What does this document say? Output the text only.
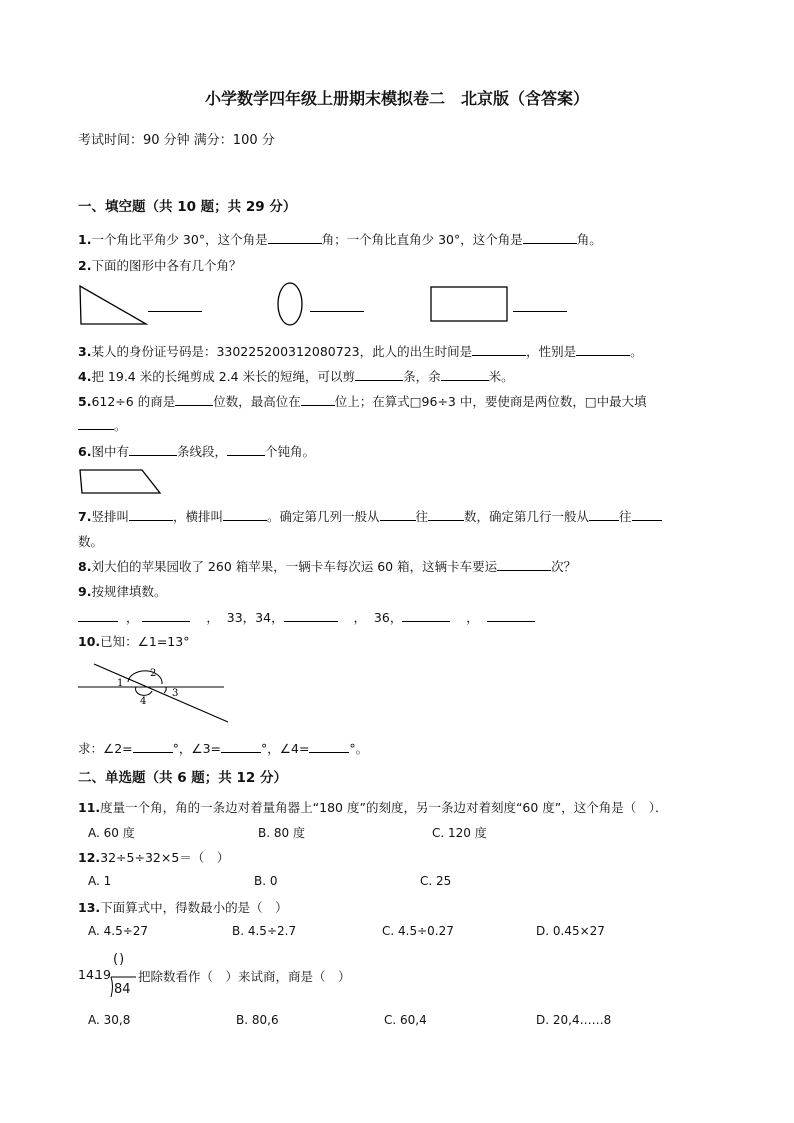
小学数学四年级上册期末模拟卷二　北京版（含答案）
考试时间：90 分钟 满分：100 分
一、填空题（共 10 题；共 29 分）
1.一个角比平角少 30°，这个角是	角；一个角比直角少 30°，这个角是	角。
2.下面的图形中各有几个角？
3.某人的身份证号码是：330225200312080723，此人的出生时间是	，性别是	。
4.把 19.4 米的长绳剪成 2.4 米长的短绳，可以剪	条，余	米。
5.612÷6 的商是	位数，最高位在	位上；在算式□96÷3 中，要使商是两位数，□中最大填
。
6.图中有	条线段，	个钝角。
7.竖排叫	，横排叫	。确定第几列一般从	往	数，确定第几行一般从 往
数。
8.刘大伯的苹果园收了 260 箱苹果，一辆卡车每次运 60 箱，这辆卡车要运	次？
9.按规律填数。
，	，  33，34，	，  36，	，
10.已知：∠1=13°
1
2
3
4
求：∠2=	°，∠3=	°，∠4=	°。
二、单选题（共 6 题；共 12 分）
11.度量一个角，角的一条边对着量角器上“180 度”的刻度，另一条边对着刻度“60 度”，这个角是（　）．
A. 60 度	B. 80 度	C. 120 度
12.32÷5÷32×5＝（　）
A. 1	B. 0	C. 25
13.下面算式中，得数最小的是（　）
A. 4.5÷27	B. 4.5÷2.7	C. 4.5÷0.27	D. 0.45×27
14.
19
()
84
把除数看作（　）来试商，商是（　）
A. 30,8	B. 80,6	C. 60,4	D. 20,4……8
